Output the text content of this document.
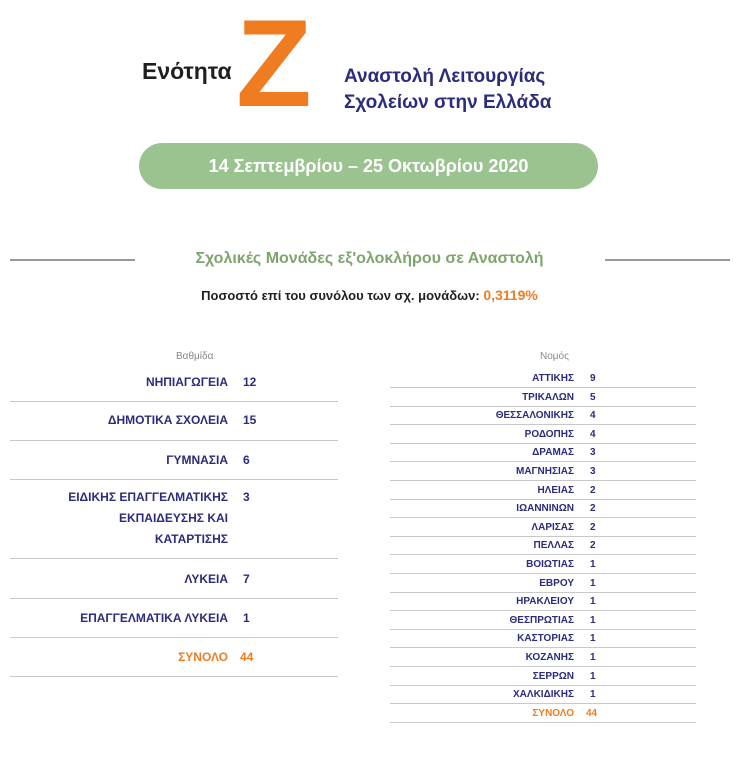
Ενότητα Z Αναστολή Λειτουργίας
Σχολείων στην Ελλάδα
14 Σεπτεμβρίου – 25 Οκτωβρίου 2020
Σχολικές Μονάδες εξ'ολοκλήρου σε Αναστολή
Ποσοστό επί του συνόλου των σχ. μονάδων: 0,3119%
Βαθμίδα
ΝΗΠΙΑΓΩΓΕΙΑ 12
ΔΗΜΟΤΙΚΑ ΣΧΟΛΕΙΑ 15
ΓΥΜΝΑΣΙΑ 6
ΕΙΔΙΚΗΣ ΕΠΑΓΓΕΛΜΑΤΙΚΗΣ
ΕΚΠΑΙΔΕΥΣΗΣ ΚΑΙ
ΚΑΤΑΡΤΙΣΗΣ
3
ΛΥΚΕΙΑ 7
ΕΠΑΓΓΕΛΜΑΤΙΚΑ ΛΥΚΕΙΑ 1
ΣΥΝΟΛΟ 44
Νομός
ΑΤΤΙΚΗΣ 9
ΤΡΙΚΑΛΩΝ 5
ΘΕΣΣΑΛΟΝΙΚΗΣ 4
ΡΟΔΟΠΗΣ 4
ΔΡΑΜΑΣ 3
ΜΑΓΝΗΣΙΑΣ 3
ΗΛΕΙΑΣ 2
ΙΩΑΝΝΙΝΩΝ 2
ΛΑΡΙΣΑΣ 2
ΠΕΛΛΑΣ 2
ΒΟΙΩΤΙΑΣ 1
ΕΒΡΟΥ 1
ΗΡΑΚΛΕΙΟΥ 1
ΘΕΣΠΡΩΤΙΑΣ 1
ΚΑΣΤΟΡΙΑΣ 1
ΚΟΖΑΝΗΣ 1
ΣΕΡΡΩΝ 1
ΧΑΛΚΙΔΙΚΗΣ 1
ΣΥΝΟΛΟ 44
